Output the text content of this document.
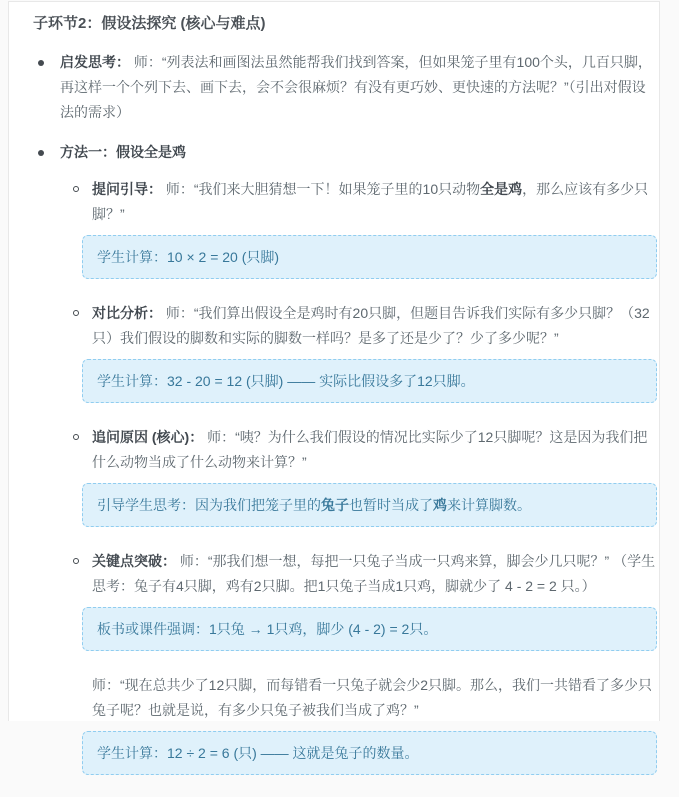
子环节2：假设法探究 (核心与难点)

启发思考： 师：“列表法和画图法虽然能帮我们找到答案，但如果笼子里有100个头，几百只脚，再这样一个个列下去、画下去，会不会很麻烦？有没有更巧妙、更快速的方法呢？”（引出对假设法的需求）

方法一：假设全是鸡

提问引导： 师：“我们来大胆猜想一下！如果笼子里的10只动物全是鸡，那么应该有多少只脚？”

学生计算：10 × 2 = 20 (只脚)

对比分析： 师：“我们算出假设全是鸡时有20只脚，但题目告诉我们实际有多少只脚？（32只）我们假设的脚数和实际的脚数一样吗？是多了还是少了？少了多少呢？”

学生计算：32 - 20 = 12 (只脚) —— 实际比假设多了12只脚。

追问原因 (核心)： 师：“咦？为什么我们假设的情况比实际少了12只脚呢？这是因为我们把什么动物当成了什么动物来计算？”

引导学生思考：因为我们把笼子里的兔子也暂时当成了鸡来计算脚数。

关键点突破： 师：“那我们想一想，每把一只兔子当成一只鸡来算，脚会少几只呢？” （学生思考：兔子有4只脚，鸡有2只脚。把1只兔子当成1只鸡，脚就少了 4 - 2 = 2 只。）

板书或课件强调：1只兔 → 1只鸡，脚少 (4 - 2) = 2只。

师：“现在总共少了12只脚，而每错看一只兔子就会少2只脚。那么，我们一共错看了多少只兔子呢？也就是说，有多少只兔子被我们当成了鸡？”

学生计算：12 ÷ 2 = 6 (只) —— 这就是兔子的数量。
